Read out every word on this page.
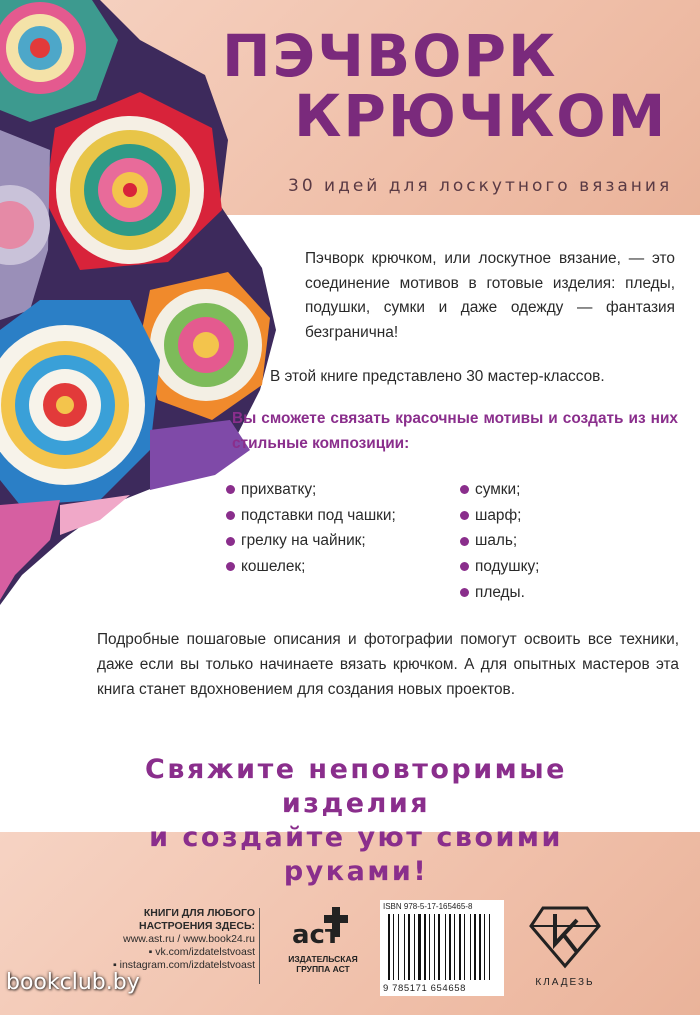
ПЭЧВОРК
КРЮЧКОМ

30 идей для лоскутного вязания

Пэчворк крючком, или лоскутное вязание, — это соединение мотивов в готовые изделия: пледы, подушки, сумки и даже одежду — фантазия безгранична!

В этой книге представлено 30 мастер-классов.

Вы сможете связать красочные мотивы и создать из них стильные композиции:

прихватку;
подставки под чашки;
грелку на чайник;
кошелек;
сумки;
шарф;
шаль;
подушку;
пледы.

Подробные пошаговые описания и фотографии помогут освоить все техники, даже если вы только начинаете вязать крючком. А для опытных мастеров эта книга станет вдохновением для создания новых проектов.

Свяжите неповторимые изделия
и создайте уют своими руками!
КНИГИ ДЛЯ ЛЮБОГО
НАСТРОЕНИЯ ЗДЕСЬ:
www.ast.ru / www.book24.ru
▪ vk.com/izdatelstvoast
▪ instagram.com/izdatelstvoast
аст
ИЗДАТЕЛЬСКАЯ
ГРУППА АСТ
ISBN 978-5-17-165465-8
9 785171 654658
КЛАДЕЗЬ
bookclub.by
